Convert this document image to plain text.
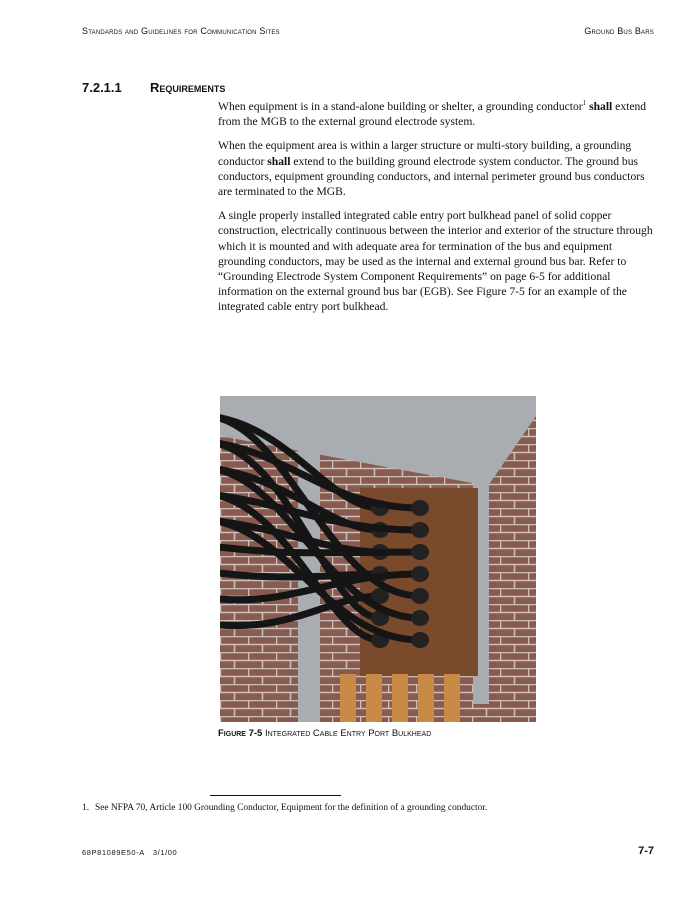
Standards and Guidelines for Communication Sites	Ground Bus Bars
7.2.1.1 Requirements

When equipment is in a stand-alone building or shelter, a grounding conductor$^1$ shall extend from the MGB to the external ground electrode system.

When the equipment area is within a larger structure or multi-story building, a grounding conductor shall extend to the building ground electrode system conductor. The ground bus conductors, equipment grounding conductors, and internal perimeter ground bus conductors are terminated to the MGB.

A single properly installed integrated cable entry port bulkhead panel of solid copper construction, electrically continuous between the interior and exterior of the structure through which it is mounted and with adequate area for termination of the bus and equipment grounding conductors, may be used as the internal and external ground bus bar. Refer to “Grounding Electrode System Component Requirements” on page 6-5 for additional information on the external ground bus bar (EGB). See Figure 7-5 for an example of the integrated cable entry port bulkhead.

Figure 7-5 Integrated Cable Entry Port Bulkhead
1. See NFPA 70, Article 100 Grounding Conductor, Equipment for the definition of a grounding conductor.
68P81089E50-A 3/1/00	7-7
